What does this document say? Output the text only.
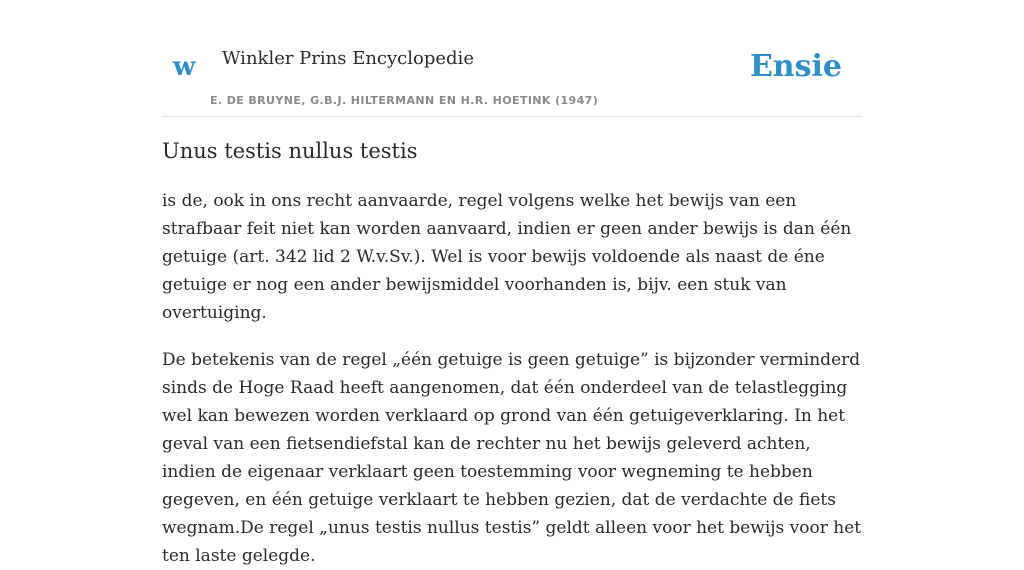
w Winkler Prins Encyclopedie
E. DE BRUYNE, G.B.J. HILTERMANN EN H.R. HOETINK (1947)
Ensie
Unus testis nullus testis

is de, ook in ons recht aanvaarde, regel volgens welke het bewijs van een strafbaar feit niet kan worden aanvaard, indien er geen ander bewijs is dan één getuige (art. 342 lid 2 W.v.Sv.). Wel is voor bewijs voldoende als naast de éne getuige er nog een ander bewijsmiddel voorhanden is, bijv. een stuk van overtuiging.

De betekenis van de regel „één getuige is geen getuige” is bijzonder verminderd sinds de Hoge Raad heeft aangenomen, dat één onderdeel van de telastlegging wel kan bewezen worden verklaard op grond van één getuigeverklaring. In het geval van een fietsendiefstal kan de rechter nu het bewijs geleverd achten, indien de eigenaar verklaart geen toestemming voor wegneming te hebben gegeven, en één getuige verklaart te hebben gezien, dat de verdachte de fiets wegnam.De regel „unus testis nullus testis” geldt alleen voor het bewijs voor het ten laste gelegde.
